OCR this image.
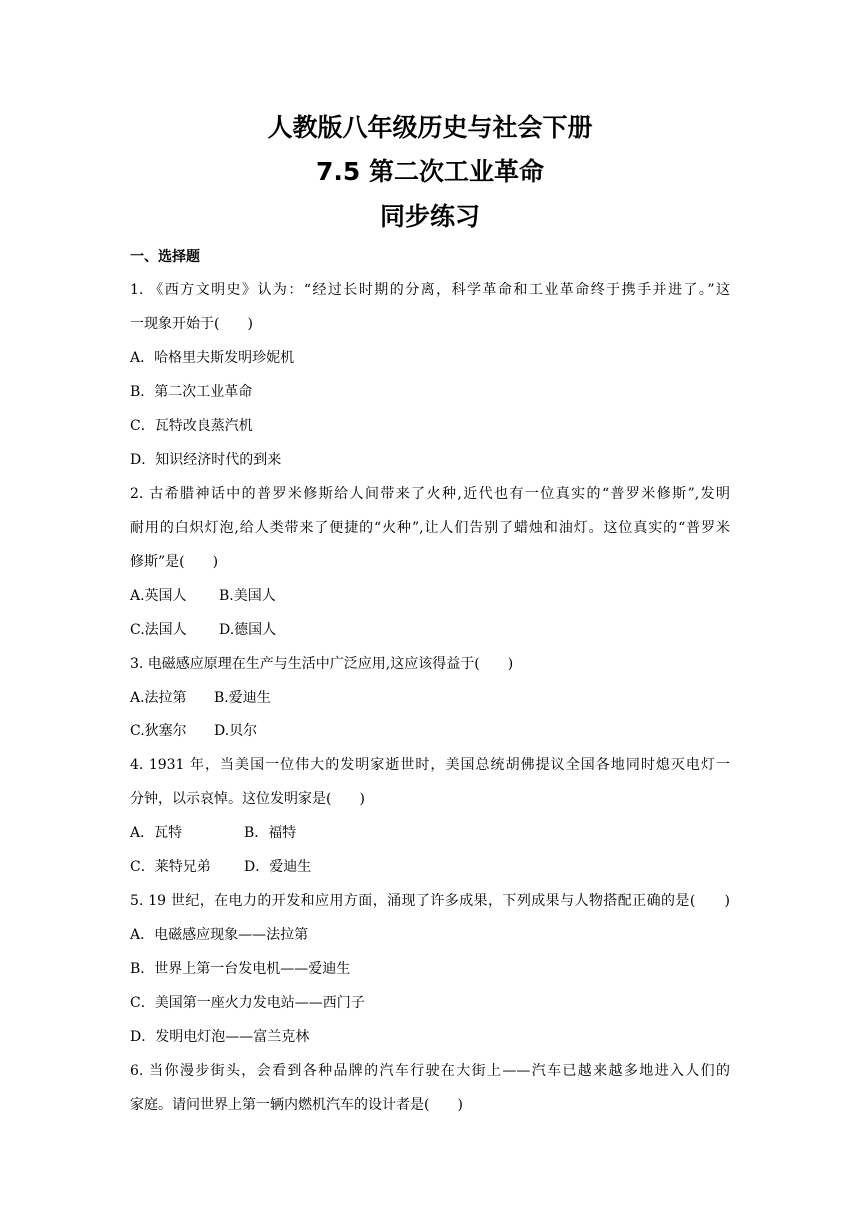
人教版八年级历史与社会下册
7.5 第二次工业革命
同步练习
一、选择题
1. 《西方文明史》认为：“经过长时期的分离，科学革命和工业革命终于携手并进了。”这
一现象开始于(　　)
A．哈格里夫斯发明珍妮机
B．第二次工业革命
C．瓦特改良蒸汽机
D．知识经济时代的到来
2. 古希腊神话中的普罗米修斯给人间带来了火种,近代也有一位真实的“普罗米修斯”,发明
耐用的白炽灯泡,给人类带来了便捷的“火种”,让人们告别了蜡烛和油灯。这位真实的“普罗米
修斯”是(　　)
A.英国人 B.美国人
C.法国人 D.德国人
3. 电磁感应原理在生产与生活中广泛应用,这应该得益于(　　)
A.法拉第 B.爱迪生
C.狄塞尔 D.贝尔
4. 1931 年，当美国一位伟大的发明家逝世时，美国总统胡佛提议全国各地同时熄灭电灯一
分钟，以示哀悼。这位发明家是(　　)
A．瓦特	B．福特
C．莱特兄弟 D．爱迪生
5. 19 世纪，在电力的开发和应用方面，涌现了许多成果，下列成果与人物搭配正确的是(　　)
A．电磁感应现象——法拉第
B．世界上第一台发电机——爱迪生
C．美国第一座火力发电站——西门子
D．发明电灯泡——富兰克林
6. 当你漫步街头，会看到各种品牌的汽车行驶在大街上——汽车已越来越多地进入人们的
家庭。请问世界上第一辆内燃机汽车的设计者是(　　)
